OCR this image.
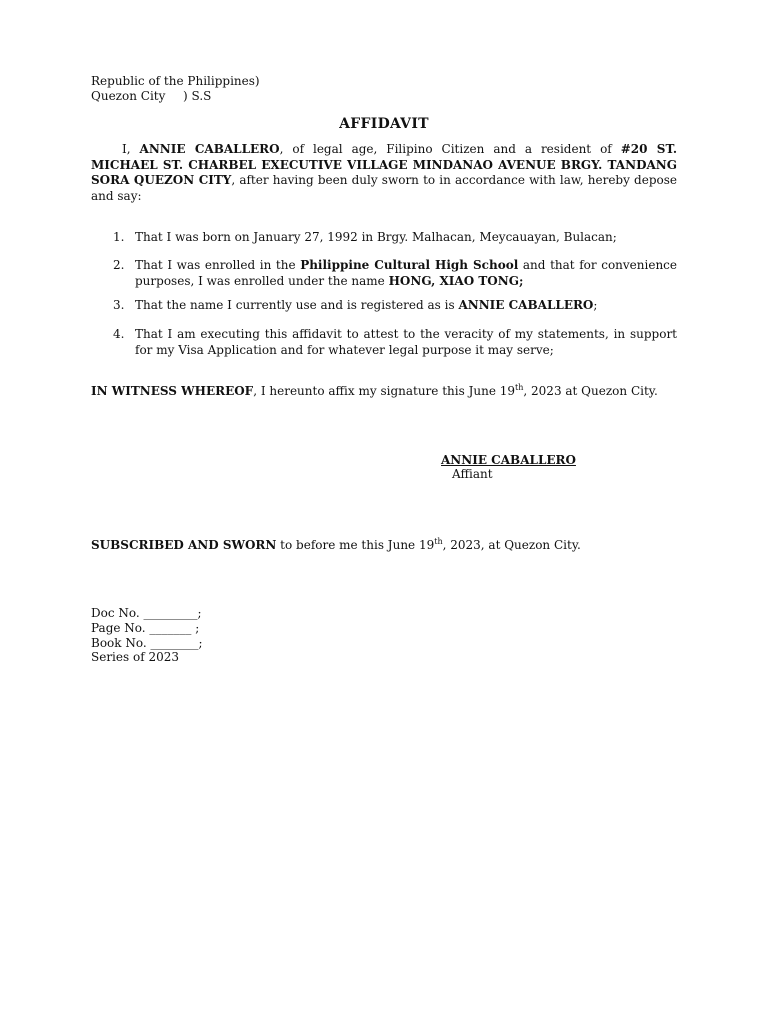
Republic of the Philippines)
Quezon City ) S.S
AFFIDAVIT
I, ANNIE CABALLERO, of legal age, Filipino Citizen and a resident of #20 ST. MICHAEL ST. CHARBEL EXECUTIVE VILLAGE MINDANAO AVENUE BRGY. TANDANG SORA QUEZON CITY, after having been duly sworn to in accordance with law, hereby depose and say:
1. That I was born on January 27, 1992 in Brgy. Malhacan, Meycauayan, Bulacan;
2. That I was enrolled in the Philippine Cultural High School and that for convenience purposes, I was enrolled under the name HONG, XIAO TONG;
3. That the name I currently use and is registered as is ANNIE CABALLERO;
4. That I am executing this affidavit to attest to the veracity of my statements, in support for my Visa Application and for whatever legal purpose it may serve;
IN WITNESS WHEREOF, I hereunto affix my signature this June 19th, 2023 at Quezon City.
ANNIE CABALLERO
Affiant
SUBSCRIBED AND SWORN to before me this June 19th, 2023, at Quezon City.
Doc No. _________;
Page No. _______ ;
Book No. ________;
Series of 2023
